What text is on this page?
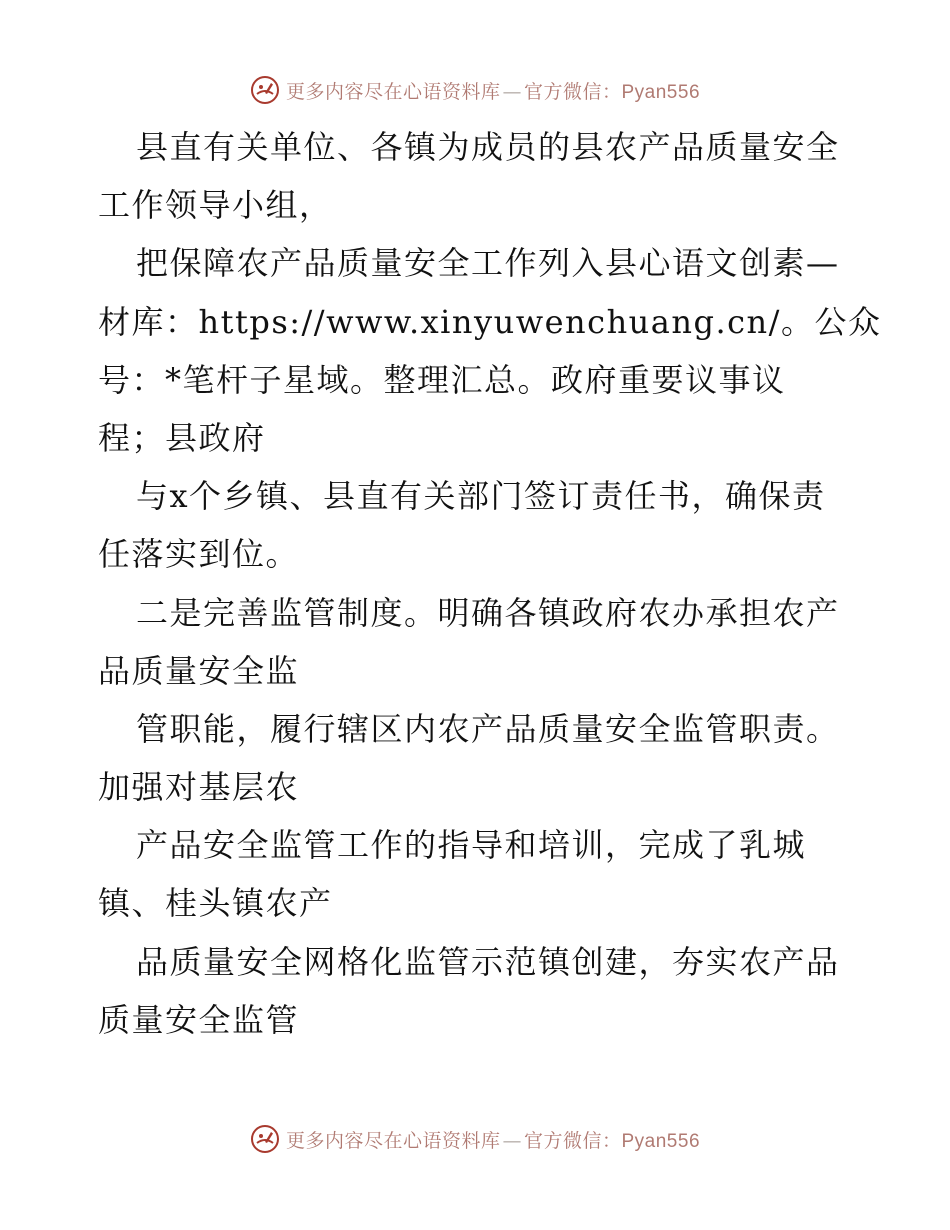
更多内容尽在心语资料库 — 官方微信：Pyan556
县直有关单位、各镇为成员的县农产品质量安全
工作领导小组，
把保障农产品质量安全工作列入县心语文创素—
材库：https://www.xinyuwenchuang.cn/。公众
号：*笔杆子星域。整理汇总。政府重要议事议
程；县政府
与x个乡镇、县直有关部门签订责任书，确保责
任落实到位。
二是完善监管制度。明确各镇政府农办承担农产
品质量安全监
管职能，履行辖区内农产品质量安全监管职责。
加强对基层农
产品安全监管工作的指导和培训，完成了乳城
镇、桂头镇农产
品质量安全网格化监管示范镇创建，夯实农产品
质量安全监管
更多内容尽在心语资料库 — 官方微信：Pyan556
